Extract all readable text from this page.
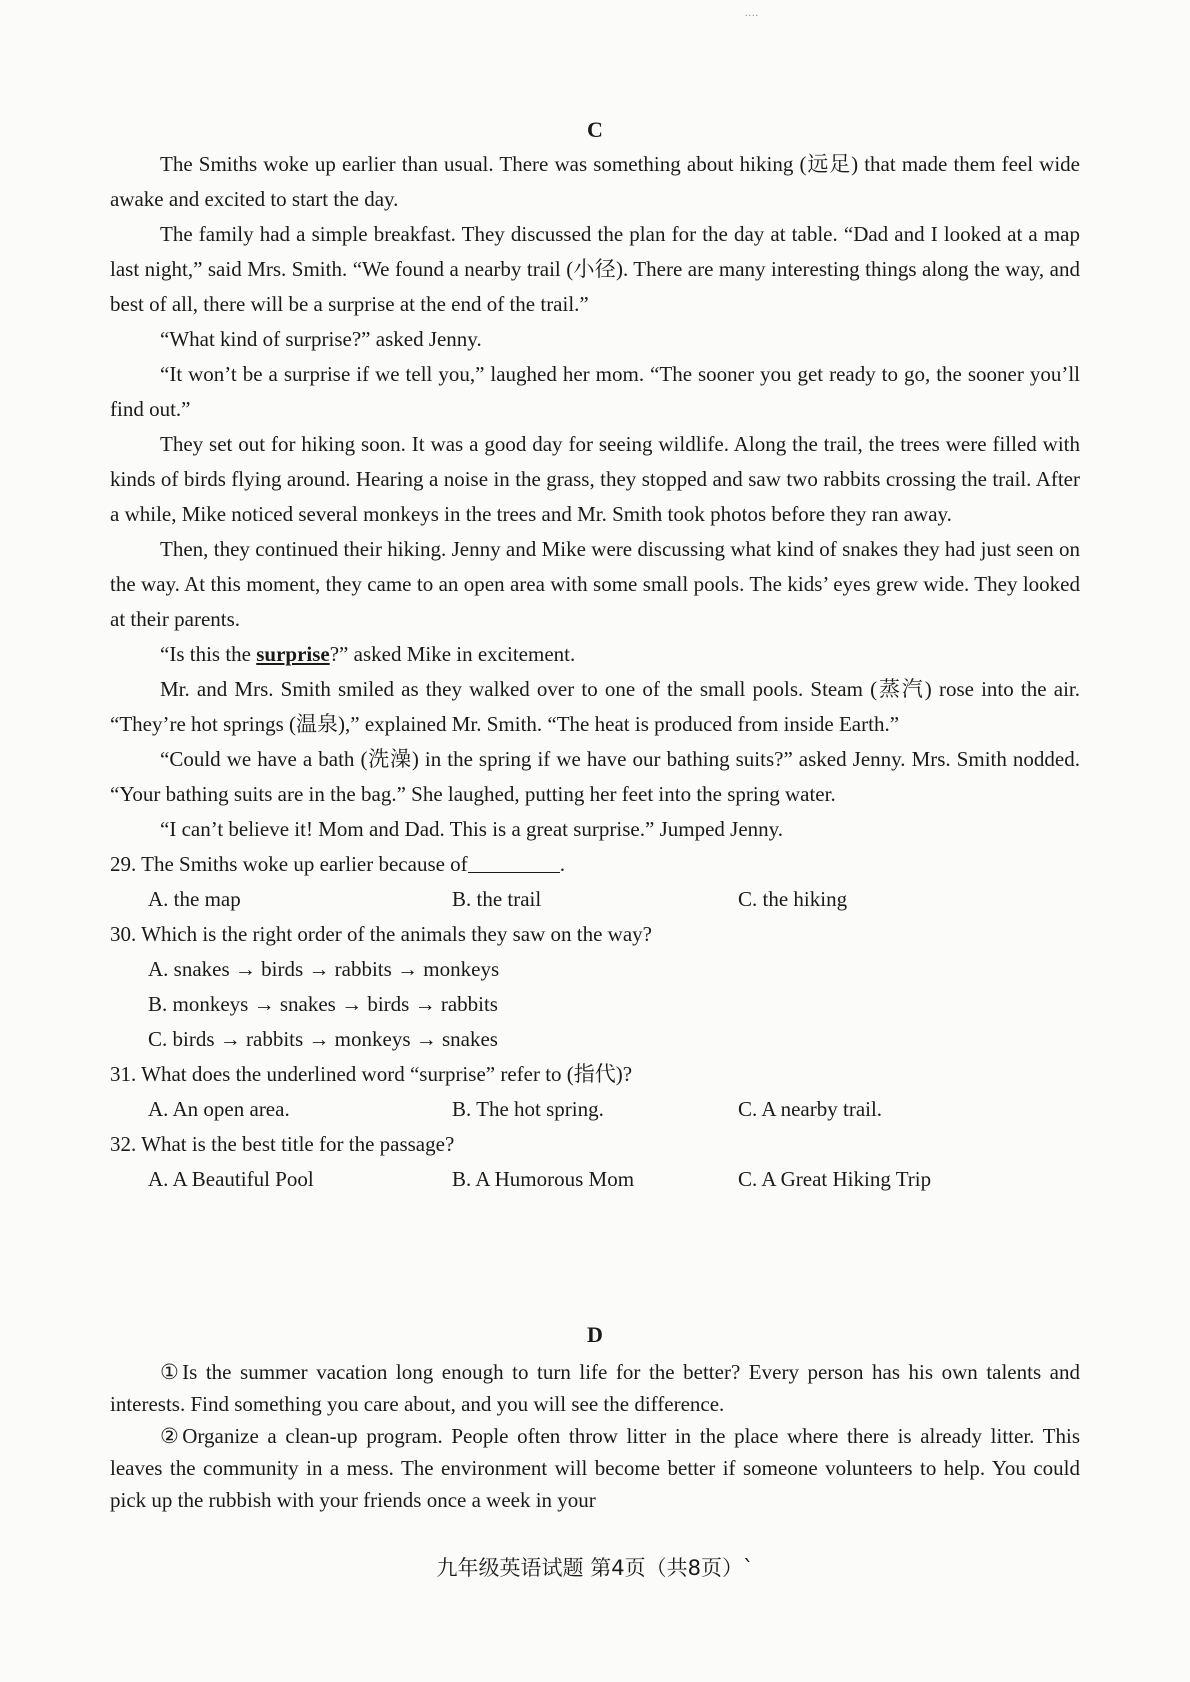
....
C

The Smiths woke up earlier than usual. There was something about hiking (远足) that made them feel wide awake and excited to start the day.

The family had a simple breakfast. They discussed the plan for the day at table. “Dad and I looked at a map last night,” said Mrs. Smith. “We found a nearby trail (小径). There are many interesting things along the way, and best of all, there will be a surprise at the end of the trail.”

“What kind of surprise?” asked Jenny.

“It won’t be a surprise if we tell you,” laughed her mom. “The sooner you get ready to go, the sooner you’ll find out.”

They set out for hiking soon. It was a good day for seeing wildlife. Along the trail, the trees were filled with kinds of birds flying around. Hearing a noise in the grass, they stopped and saw two rabbits crossing the trail. After a while, Mike noticed several monkeys in the trees and Mr. Smith took photos before they ran away.

Then, they continued their hiking. Jenny and Mike were discussing what kind of snakes they had just seen on the way. At this moment, they came to an open area with some small pools. The kids’ eyes grew wide. They looked at their parents.

“Is this the surprise?” asked Mike in excitement.

Mr. and Mrs. Smith smiled as they walked over to one of the small pools. Steam (蒸汽) rose into the air. “They’re hot springs (温泉),” explained Mr. Smith. “The heat is produced from inside Earth.”

“Could we have a bath (洗澡) in the spring if we have our bathing suits?” asked Jenny. Mrs. Smith nodded. “Your bathing suits are in the bag.” She laughed, putting her feet into the spring water.

“I can’t believe it! Mom and Dad. This is a great surprise.” Jumped Jenny.

29. The Smiths woke up earlier because of	.

A. the map	B. the trail	C. the hiking

30. Which is the right order of the animals they saw on the way?

A. snakes → birds → rabbits → monkeys

B. monkeys → snakes → birds → rabbits

C. birds → rabbits → monkeys → snakes

31. What does the underlined word “surprise” refer to (指代)?

A. An open area.	B. The hot spring.	C. A nearby trail.

32. What is the best title for the passage?

A. A Beautiful Pool	B. A Humorous Mom	C. A Great Hiking Trip
D

①Is the summer vacation long enough to turn life for the better? Every person has his own talents and interests. Find something you care about, and you will see the difference.

②Organize a clean-up program. People often throw litter in the place where there is already litter. This leaves the community in a mess. The environment will become better if someone volunteers to help. You could pick up the rubbish with your friends once a week in your

九年级英语试题 第4页（共8页）`
